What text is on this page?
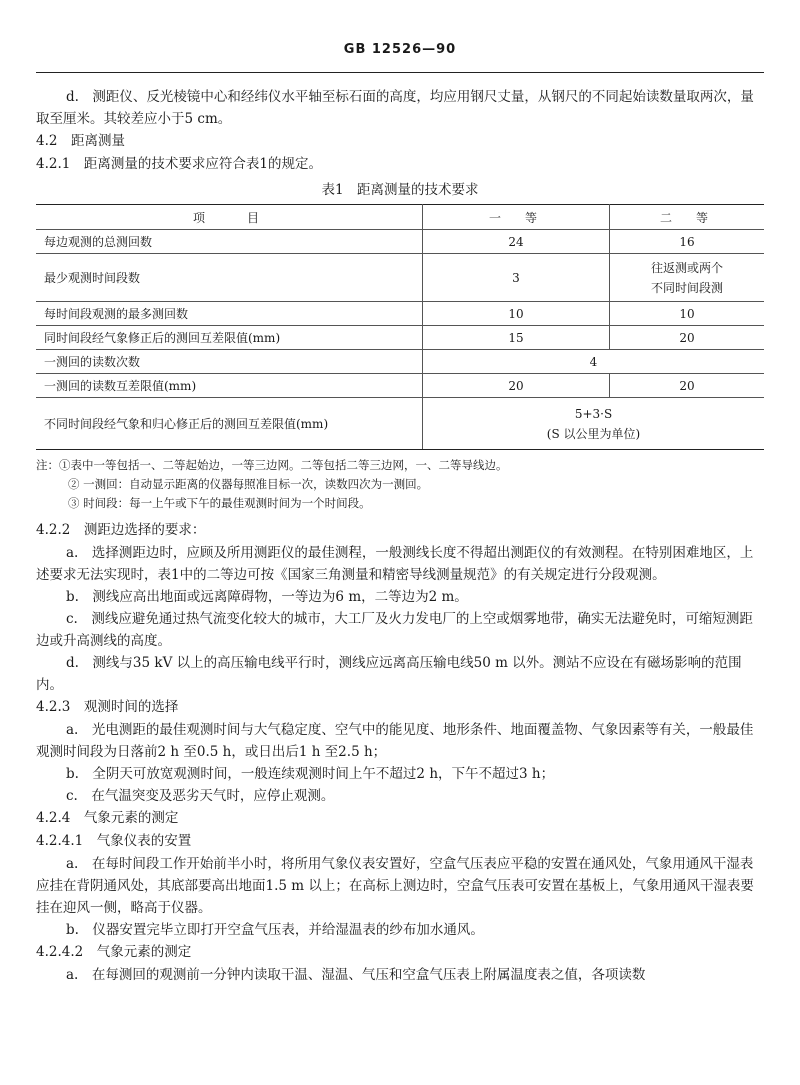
GB 12526—90

d.　测距仪、反光棱镜中心和经纬仪水平轴至标石面的高度，均应用钢尺丈量，从钢尺的不同起始读数量取两次，量取至厘米。其较差应小于5 cm。

4.2　距离测量

4.2.1　距离测量的技术要求应符合表1的规定。

表1　距离测量的技术要求
项　　目	一　等	二　等
每边观测的总测回数	24	16
最少观测时间段数	3	往返测或两个
不同时间段测
每时间段观测的最多测回数	10	10
同时间段经气象修正后的测回互差限值(mm)	15	20
一测回的读数次数	4	
一测回的读数互差限值(mm)	20	20
不同时间段经气象和归心修正后的测回互差限值(mm)	5+3·S
(S 以公里为单位)	

注：①表中一等包括一、二等起始边，一等三边网。二等包括二等三边网，一、二等导线边。

② 一测回：自动显示距离的仪器每照准目标一次，读数四次为一测回。

③ 时间段：每一上午或下午的最佳观测时间为一个时间段。

4.2.2　测距边选择的要求：

a.　选择测距边时，应顾及所用测距仪的最佳测程，一般测线长度不得超出测距仪的有效测程。在特别困难地区，上述要求无法实现时，表1中的二等边可按《国家三角测量和精密导线测量规范》的有关规定进行分段观测。

b.　测线应高出地面或远离障碍物，一等边为6 m，二等边为2 m。

c.　测线应避免通过热气流变化较大的城市，大工厂及火力发电厂的上空或烟雾地带，确实无法避免时，可缩短测距边或升高测线的高度。

d.　测线与35 kV 以上的高压输电线平行时，测线应远离高压输电线50 m 以外。测站不应设在有磁场影响的范围内。

4.2.3　观测时间的选择

a.　光电测距的最佳观测时间与大气稳定度、空气中的能见度、地形条件、地面覆盖物、气象因素等有关，一般最佳观测时间段为日落前2 h 至0.5 h，或日出后1 h 至2.5 h；

b.　全阴天可放宽观测时间，一般连续观测时间上午不超过2 h，下午不超过3 h；

c.　在气温突变及恶劣天气时，应停止观测。

4.2.4　气象元素的测定

4.2.4.1　气象仪表的安置

a.　在每时间段工作开始前半小时，将所用气象仪表安置好，空盒气压表应平稳的安置在通风处，气象用通风干湿表应挂在背阴通风处，其底部要高出地面1.5 m 以上；在高标上测边时，空盒气压表可安置在基板上，气象用通风干湿表要挂在迎风一侧，略高于仪器。

b.　仪器安置完毕立即打开空盒气压表，并给湿温表的纱布加水通风。

4.2.4.2　气象元素的测定

a.　在每测回的观测前一分钟内读取干温、湿温、气压和空盒气压表上附属温度表之值，各项读数
